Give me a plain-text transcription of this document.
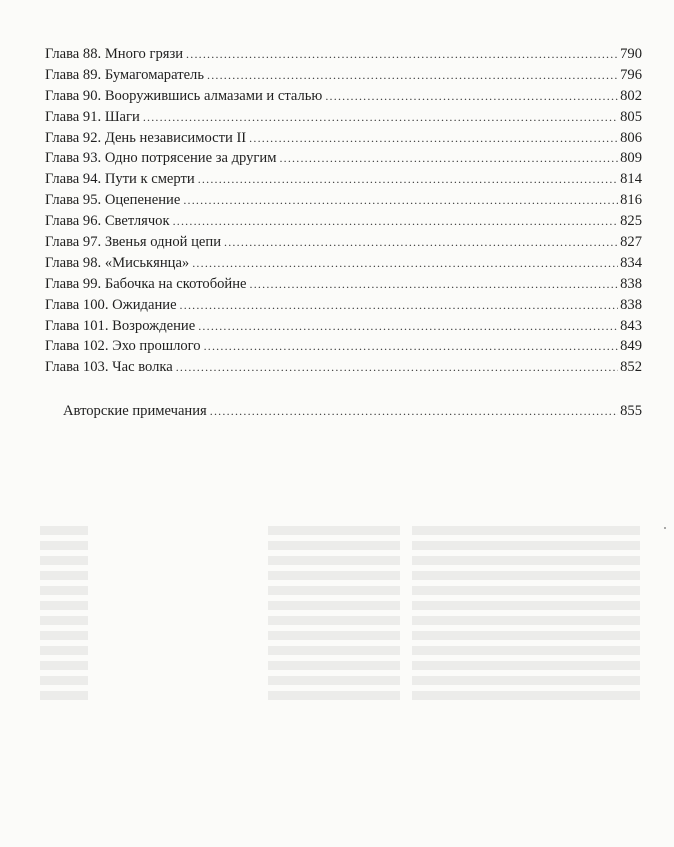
Глава 88. Много грязи .....	790
Глава 89. Бумагомаратель .....	796
Глава 90. Вооружившись алмазами и сталью .....	802
Глава 91. Шаги .....	805
Глава 92. День независимости II .....	806
Глава 93. Одно потрясение за другим .....	809
Глава 94. Пути к смерти .....	814
Глава 95. Оцепенение .....	816
Глава 96. Светлячок .....	825
Глава 97. Звенья одной цепи .....	827
Глава 98. «Миськянца» .....	834
Глава 99. Бабочка на скотобойне .....	838
Глава 100. Ожидание .....	838
Глава 101. Возрождение .....	843
Глава 102. Эхо прошлого .....	849
Глава 103. Час волка .....	852
Авторские примечания .....	855
